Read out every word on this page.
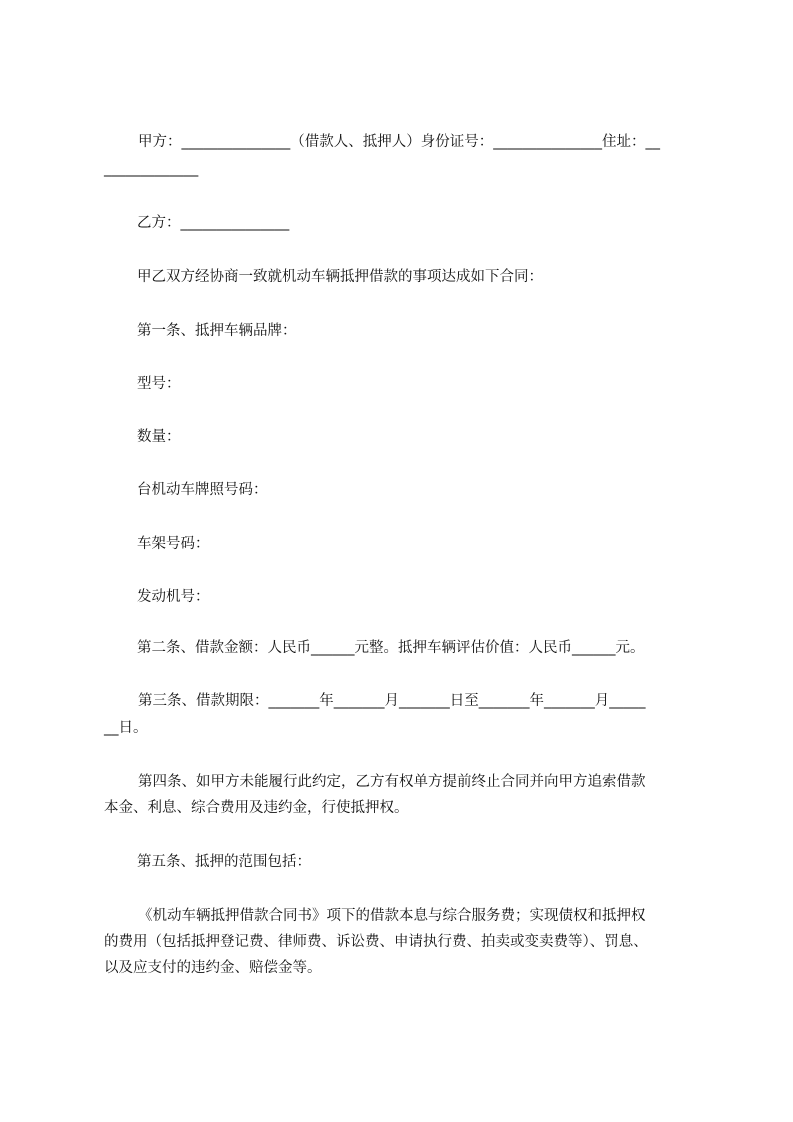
甲方：_______________（借款人、抵押人）身份证号：_______________住址：__
_____________
乙方：_______________
甲乙双方经协商一致就机动车辆抵押借款的事项达成如下合同：
第一条、抵押车辆品牌：
型号：
数量：
台机动车牌照号码：
车架号码：
发动机号：
第二条、借款金额：人民币______元整。抵押车辆评估价值：人民币______元。
第三条、借款期限：_______年_______月_______日至_______年_______月_____
__日。
第四条、如甲方未能履行此约定，乙方有权单方提前终止合同并向甲方追索借款
本金、利息、综合费用及违约金，行使抵押权。
第五条、抵押的范围包括：
《机动车辆抵押借款合同书》项下的借款本息与综合服务费；实现债权和抵押权
的费用（包括抵押登记费、律师费、诉讼费、申请执行费、拍卖或变卖费等）、罚息、
以及应支付的违约金、赔偿金等。
